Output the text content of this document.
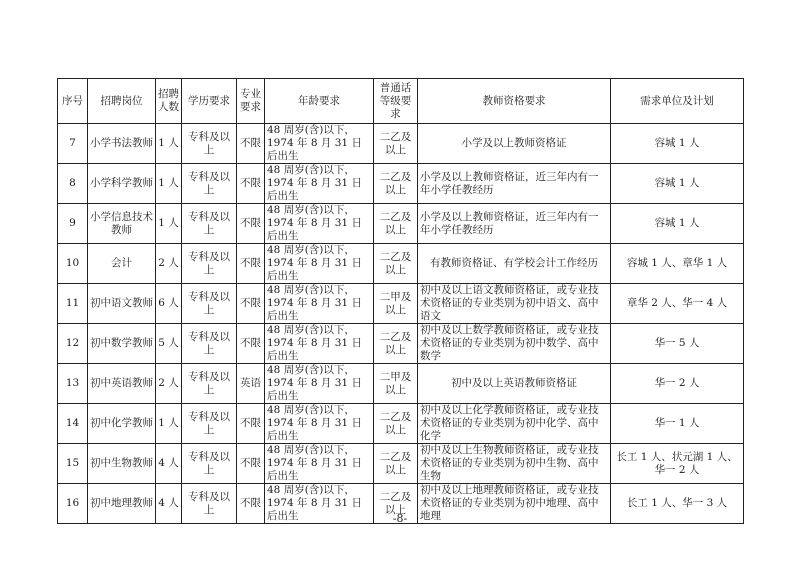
序号	招聘岗位	招聘人数	学历要求	专业要求	年龄要求	普通话等级要求	教师资格要求	需求单位及计划
7	小学书法教师	1 人	专科及以上	不限	48 周岁(含)以下，1974 年 8 月 31 日后出生	二乙及以上	小学及以上教师资格证	容城 1 人
8	小学科学教师	1 人	专科及以上	不限	48 周岁(含)以下，1974 年 8 月 31 日后出生	二乙及以上	小学及以上教师资格证，近三年内有一年小学任教经历	容城 1 人
9	小学信息技术教师	1 人	专科及以上	不限	48 周岁(含)以下，1974 年 8 月 31 日后出生	二乙及以上	小学及以上教师资格证，近三年内有一年小学任教经历	容城 1 人
10	会计	2 人	专科及以上	不限	48 周岁(含)以下，1974 年 8 月 31 日后出生	二乙及以上	有教师资格证、有学校会计工作经历	容城 1 人、章华 1 人
11	初中语文教师	6 人	专科及以上	不限	48 周岁(含)以下，1974 年 8 月 31 日后出生	二甲及以上	初中及以上语文教师资格证，或专业技术资格证的专业类别为初中语文、高中语文	章华 2 人、华一 4 人
12	初中数学教师	5 人	专科及以上	不限	48 周岁(含)以下，1974 年 8 月 31 日后出生	二乙及以上	初中及以上数学教师资格证，或专业技术资格证的专业类别为初中数学、高中数学	华一 5 人
13	初中英语教师	2 人	专科及以上	英语	48 周岁(含)以下，1974 年 8 月 31 日后出生	二甲及以上	初中及以上英语教师资格证	华一 2 人
14	初中化学教师	1 人	专科及以上	不限	48 周岁(含)以下，1974 年 8 月 31 日后出生	二乙及以上	初中及以上化学教师资格证，或专业技术资格证的专业类别为初中化学、高中化学	华一 1 人
15	初中生物教师	4 人	专科及以上	不限	48 周岁(含)以下，1974 年 8 月 31 日后出生	二乙及以上	初中及以上生物教师资格证，或专业技术资格证的专业类别为初中生物、高中生物	长工 1 人、状元湖 1 人、华一 2 人
16	初中地理教师	4 人	专科及以上	不限	48 周岁(含)以下，1974 年 8 月 31 日后出生	二乙及以上	初中及以上地理教师资格证，或专业技术资格证的专业类别为初中地理、高中地理	长工 1 人、华一 3 人
-8-
